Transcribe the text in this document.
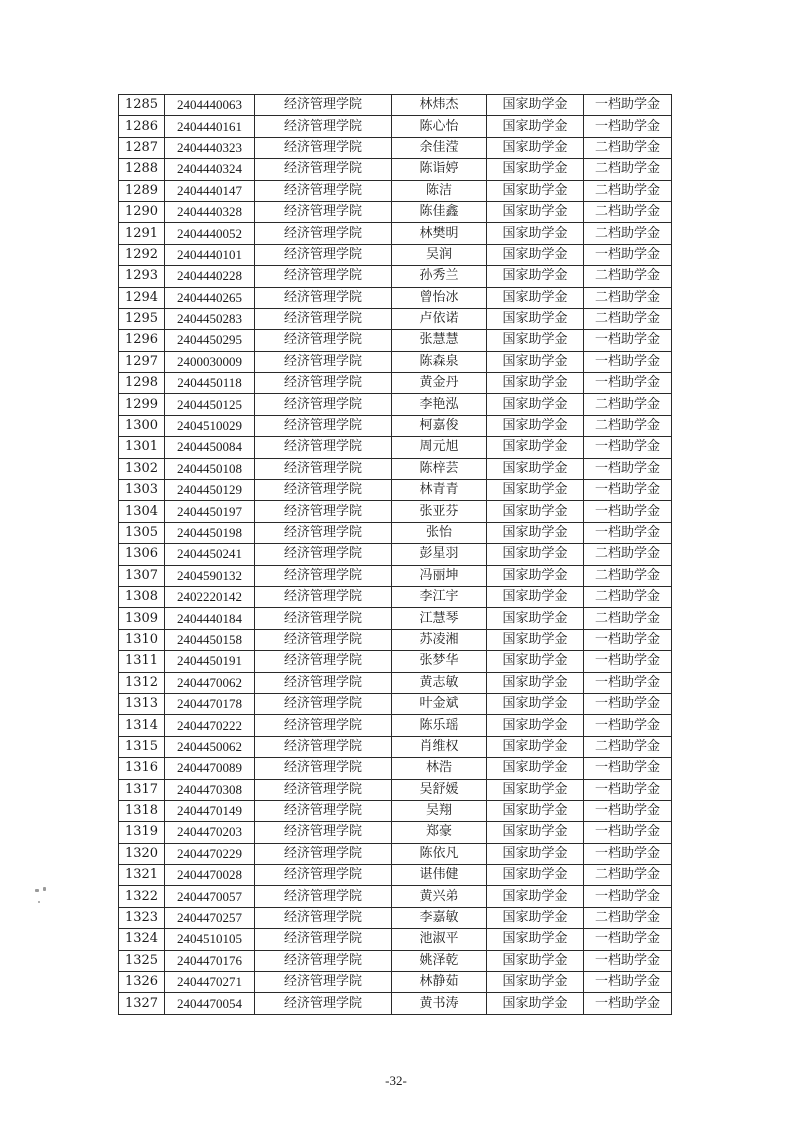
1285	2404440063	经济管理学院	林炜杰	国家助学金	一档助学金
1286	2404440161	经济管理学院	陈心怡	国家助学金	一档助学金
1287	2404440323	经济管理学院	余佳滢	国家助学金	二档助学金
1288	2404440324	经济管理学院	陈诣婷	国家助学金	二档助学金
1289	2404440147	经济管理学院	陈洁	国家助学金	二档助学金
1290	2404440328	经济管理学院	陈佳鑫	国家助学金	二档助学金
1291	2404440052	经济管理学院	林樊明	国家助学金	二档助学金
1292	2404440101	经济管理学院	吴润	国家助学金	一档助学金
1293	2404440228	经济管理学院	孙秀兰	国家助学金	二档助学金
1294	2404440265	经济管理学院	曾怡冰	国家助学金	二档助学金
1295	2404450283	经济管理学院	卢依诺	国家助学金	二档助学金
1296	2404450295	经济管理学院	张慧慧	国家助学金	一档助学金
1297	2400030009	经济管理学院	陈森泉	国家助学金	一档助学金
1298	2404450118	经济管理学院	黄金丹	国家助学金	一档助学金
1299	2404450125	经济管理学院	李艳泓	国家助学金	二档助学金
1300	2404510029	经济管理学院	柯嘉俊	国家助学金	二档助学金
1301	2404450084	经济管理学院	周元旭	国家助学金	一档助学金
1302	2404450108	经济管理学院	陈梓芸	国家助学金	一档助学金
1303	2404450129	经济管理学院	林青青	国家助学金	一档助学金
1304	2404450197	经济管理学院	张亚芬	国家助学金	一档助学金
1305	2404450198	经济管理学院	张怡	国家助学金	一档助学金
1306	2404450241	经济管理学院	彭星羽	国家助学金	二档助学金
1307	2404590132	经济管理学院	冯丽坤	国家助学金	二档助学金
1308	2402220142	经济管理学院	李江宇	国家助学金	二档助学金
1309	2404440184	经济管理学院	江慧琴	国家助学金	二档助学金
1310	2404450158	经济管理学院	苏凌湘	国家助学金	一档助学金
1311	2404450191	经济管理学院	张梦华	国家助学金	一档助学金
1312	2404470062	经济管理学院	黄志敏	国家助学金	一档助学金
1313	2404470178	经济管理学院	叶金斌	国家助学金	一档助学金
1314	2404470222	经济管理学院	陈乐瑶	国家助学金	一档助学金
1315	2404450062	经济管理学院	肖维权	国家助学金	二档助学金
1316	2404470089	经济管理学院	林浩	国家助学金	一档助学金
1317	2404470308	经济管理学院	吴舒媛	国家助学金	一档助学金
1318	2404470149	经济管理学院	吴翔	国家助学金	一档助学金
1319	2404470203	经济管理学院	郑豪	国家助学金	一档助学金
1320	2404470229	经济管理学院	陈依凡	国家助学金	一档助学金
1321	2404470028	经济管理学院	谌伟健	国家助学金	二档助学金
1322	2404470057	经济管理学院	黄兴弟	国家助学金	一档助学金
1323	2404470257	经济管理学院	李嘉敏	国家助学金	二档助学金
1324	2404510105	经济管理学院	池淑平	国家助学金	一档助学金
1325	2404470176	经济管理学院	姚泽乾	国家助学金	一档助学金
1326	2404470271	经济管理学院	林静茹	国家助学金	一档助学金
1327	2404470054	经济管理学院	黄书涛	国家助学金	一档助学金
-32-
